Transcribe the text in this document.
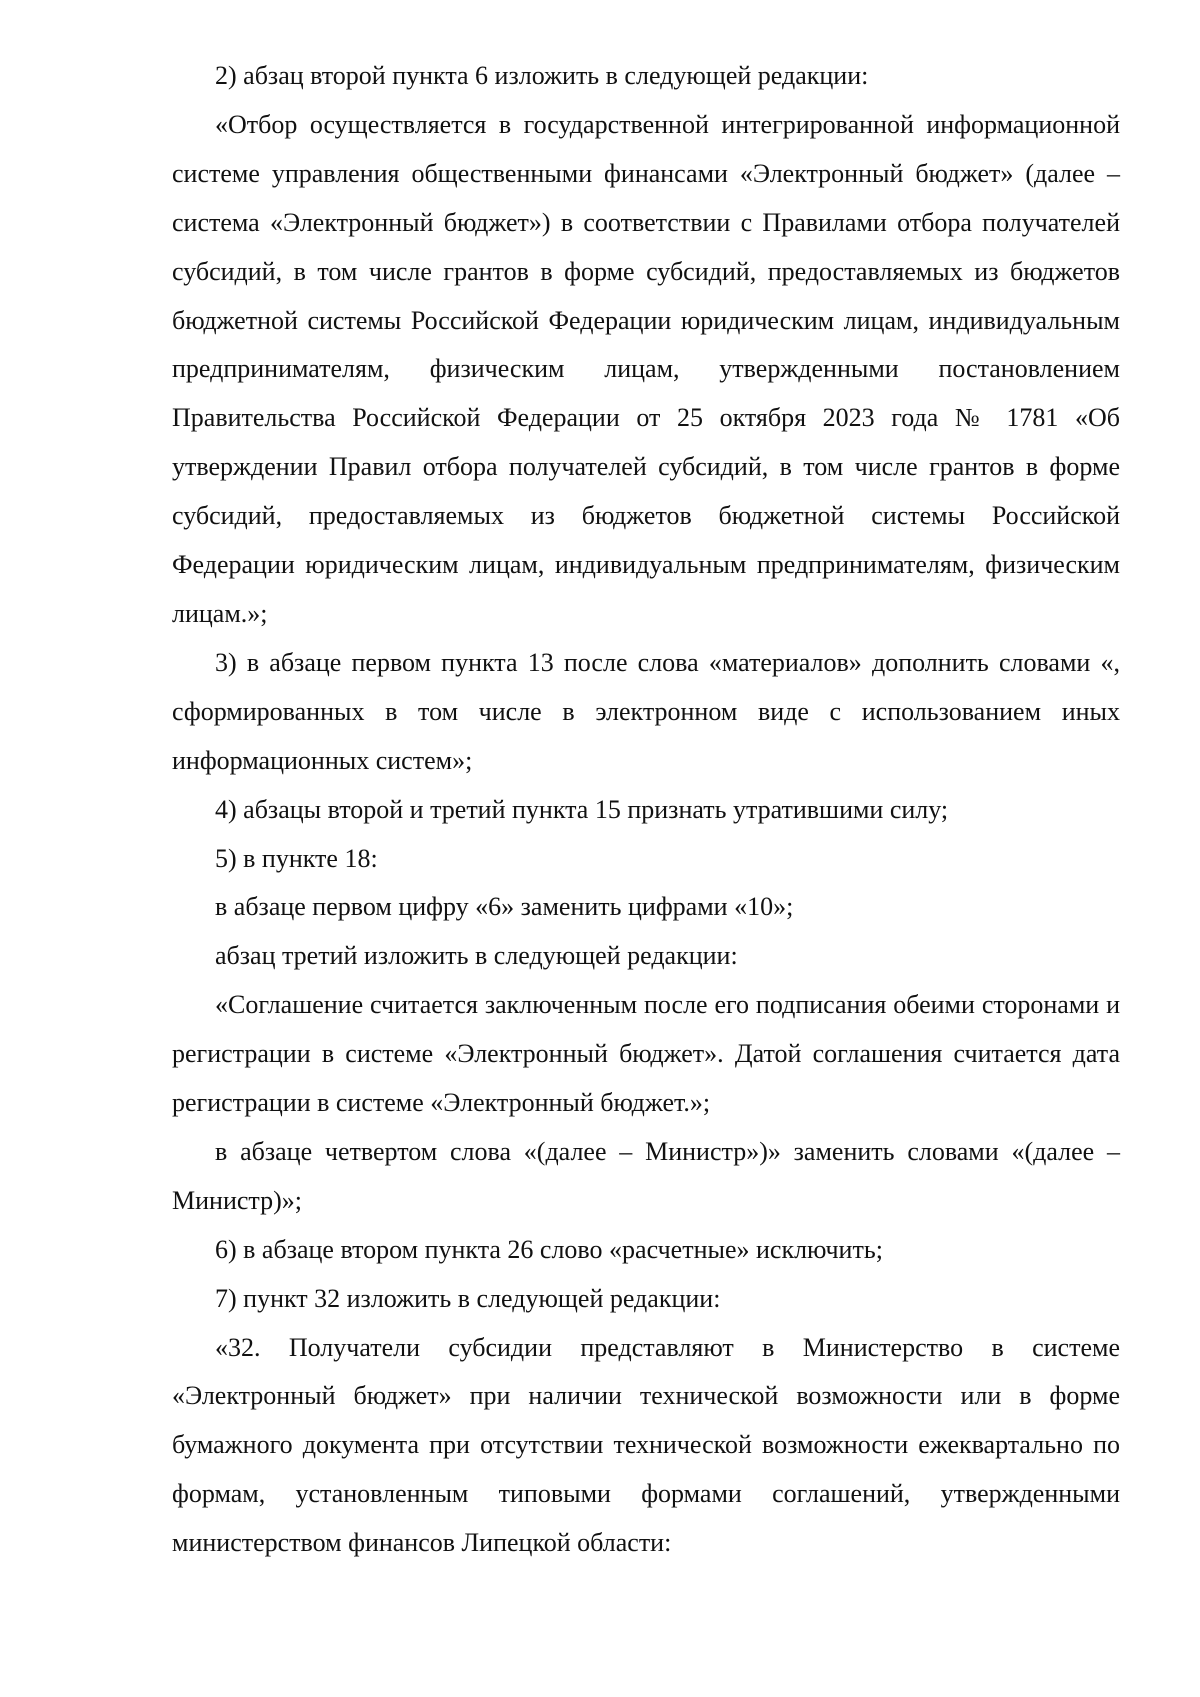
2) абзац второй пункта 6 изложить в следующей редакции:

«Отбор осуществляется в государственной интегрированной информационной системе управления общественными финансами «Электронный бюджет» (далее – система «Электронный бюджет») в соответствии с Правилами отбора получателей субсидий, в том числе грантов в форме субсидий, предоставляемых из бюджетов бюджетной системы Российской Федерации юридическим лицам, индивидуальным предпринимателям, физическим лицам, утвержденными постановлением Правительства Российской Федерации от 25 октября 2023 года № 1781 «Об утверждении Правил отбора получателей субсидий, в том числе грантов в форме субсидий, предоставляемых из бюджетов бюджетной системы Российской Федерации юридическим лицам, индивидуальным предпринимателям, физическим лицам.»;

3) в абзаце первом пункта 13 после слова «материалов» дополнить словами «, сформированных в том числе в электронном виде с использованием иных информационных систем»;

4) абзацы второй и третий пункта 15 признать утратившими силу;

5) в пункте 18:

в абзаце первом цифру «6» заменить цифрами «10»;

абзац третий изложить в следующей редакции:

«Соглашение считается заключенным после его подписания обеими сторонами и регистрации в системе «Электронный бюджет». Датой соглашения считается дата регистрации в системе «Электронный бюджет.»;

в абзаце четвертом слова «(далее – Министр»)» заменить словами «(далее – Министр)»;

6) в абзаце втором пункта 26 слово «расчетные» исключить;

7) пункт 32 изложить в следующей редакции:

«32. Получатели субсидии представляют в Министерство в системе «Электронный бюджет» при наличии технической возможности или в форме бумажного документа при отсутствии технической возможности ежеквартально по формам, установленным типовыми формами соглашений, утвержденными министерством финансов Липецкой области:
